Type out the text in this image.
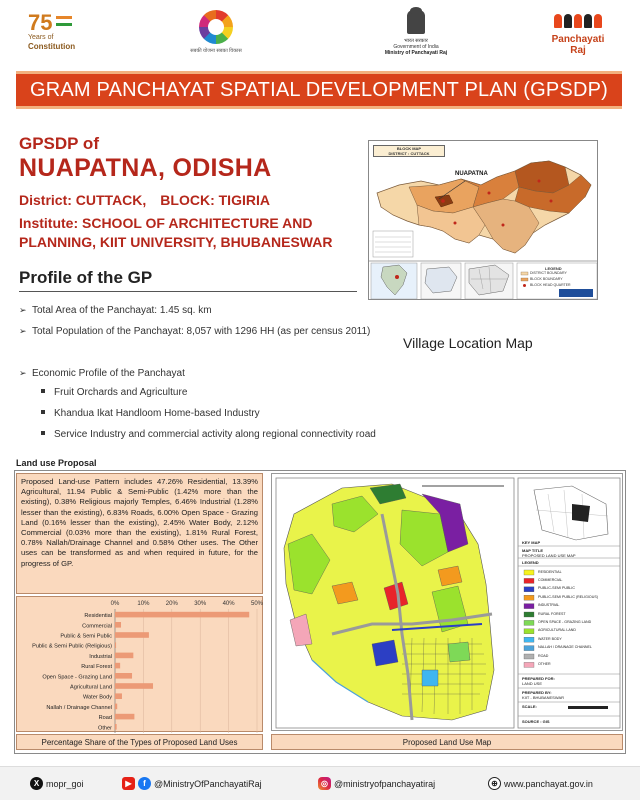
75
Years of
Constitution	सबकी योजना सबका विकास
भारत सरकार
Government of India
Ministry of Panchayati Raj
Panchayati Raj
GRAM PANCHAYAT SPATIAL DEVELOPMENT PLAN (GPSDP)
GPSDP of
NUAPATNA, ODISHA
District: CUTTACK, BLOCK: TIGIRIA
Institute: SCHOOL OF ARCHITECTURE AND PLANNING, KIIT UNIVERSITY, BHUBANESWAR
Profile of the GP
➢ Total Area of the Panchayat: 1.45 sq. km
➢ Total Population of the Panchayat: 8,057 with 1296 HH (as per census 2011)
➢ Economic Profile of the Panchayat
Fruit Orchards and Agriculture
Khandua Ikat Handloom Home-based Industry
Service Industry and commercial activity along regional connectivity road
BLOCK MAP
DISTRICT : CUTTACK
NUAPATNA
LEGEND
DISTRICT BOUNDARY
BLOCK BOUNDARY
BLOCK HEAD QUARTER
Village Location Map
Land use Proposal
Proposed Land-use Pattern includes 47.26% Residential, 13.39% Agricultural, 11.94 Public & Semi-Public (1.42% more than the existing), 0.38% Religious majorly Temples, 6.46% Industrial (1.28% lesser than the existing), 6.83% Roads, 6.00% Open Space - Grazing Land (0.16% lesser than the existing), 2.45% Water Body, 2.12% Commercial (0.03% more than the existing), 1.81% Rural Forest, 0.78% Nallah/Drainage Channel and 0.58% Other uses. The Other uses can be transformed as and when required in future, for the progress of GP.
0%	10%	20%	30%	40%	50%
Residential
Commercial
Public & Semi Public
Public & Semi Public (Religious)
Industrial
Rural Forest
Open Space - Grazing Land
Agricultural Land
Water Body
Nallah / Drainage Channel
Road
Other
Percentage Share of the Types of Proposed Land Uses
KEY MAP
MAP TITLE
PROPOSED LAND USE MAP
LEGEND
RESIDENTIAL
COMMERCIAL
PUBLIC-SEMI PUBLIC
PUBLIC-SEMI PUBLIC (RELIGIOUS)
INDUSTRIAL
RURAL FOREST
OPEN SPACE - GRAZING LAND
AGRICULTURAL LAND
WATER BODY
NALLAH / DRAINAGE CHANNEL
ROAD
OTHER
PREPARED FOR:
LAND USE
PREPARED BY:
KIIT - BHUBANESWAR
SCALE:
SOURCE : GIS
Proposed Land Use Map
X mopr_goi	▶	f @MinistryOfPanchayatiRaj	◎ @ministryofpanchayatiraj	⊕ www.panchayat.gov.in
